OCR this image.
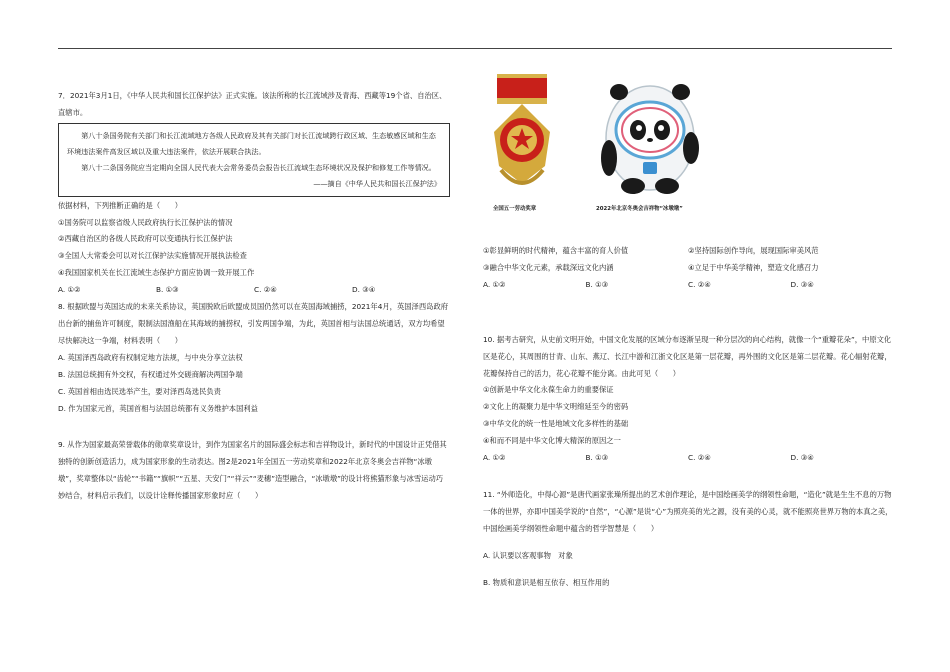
7．2021年3月1日，《中华人民共和国长江保护法》正式实施。该法所称的长江流域涉及青海、西藏等19个省、自治区、直辖市。

第八十条国务院有关部门和长江流域地方各级人民政府及其有关部门对长江流域跨行政区域、生态敏感区域和生态环境违法案件高发区域以及重大违法案件，依法开展联合执法。

第八十二条国务院应当定期向全国人民代表大会常务委员会报告长江流域生态环境状况及保护和修复工作等情况。

——摘自《中华人民共和国长江保护法》

依据材料，下列推断正确的是（　　）

①国务院可以监察省级人民政府执行长江保护法的情况

②西藏自治区的各级人民政府可以变通执行长江保护法

③全国人大常委会可以对长江保护法实施情况开展执法检查

④我国国家机关在长江流域生态保护方面应协调一致开展工作

A. ①②	B. ①③	C. ②④	D. ③④

8. 根据欧盟与英国达成的未来关系协议，英国脱欧后欧盟成员国仍然可以在英国海域捕捞，2021年4月，英国泽西岛政府出台新的捕鱼许可制度，限制法国渔船在其海域的捕捞权，引发两国争端，为此，英国首相与法国总统通话，双方均希望尽快解决这一争端，材料表明（　　）

A. 英国泽西岛政府有权制定地方法规，与中央分享立法权

B. 法国总统拥有外交权，有权通过外交磋商解决两国争端

C. 英国首相由选民选举产生，要对泽西岛选民负责

D. 作为国家元首，英国首相与法国总统都有义务维护本国利益

9. 从作为国家最高荣誉载体的勋章奖章设计，到作为国家名片的国际盛会标志和吉祥物设计，新时代的中国设计正凭借其独特的创新创造活力，成为国家形象的生动表达。图2是2021年全国五一劳动奖章和2022年北京冬奥会吉祥物“冰墩墩”，奖章整体以“齿轮”“书籍”“旗帜”“五星、天安门”“祥云”“麦穗”造型融合，“冰墩墩”的设计将熊猫形象与冰雪运动巧妙结合，材料启示我们，以设计诠释传播国家形象时应（　　）

全国五一劳动奖章	2022年北京冬奥会吉祥物“冰墩墩”
①彰显鲜明的时代精神，蕴含丰富的育人价值	②坚持国际创作导向，展现国际审美风范
③融合中华文化元素，承载深远文化内涵	④立足于中华美学精神，塑造文化感召力
A. ①②	B. ①③	C. ②④	D. ③④

10. 据考古研究，从史前文明开始，中国文化发展的区域分布逐渐呈现一种分层次的向心结构，就像一个“重瓣花朵”，中原文化区是花心，其周围的甘青、山东、燕辽、长江中游和江浙文化区是第一层花瓣，再外围的文化区是第二层花瓣。花心辐射花瓣，花瓣保持自己的活力，花心花瓣不能分离。由此可见（　　）

①创新是中华文化永葆生命力的重要保证

②文化上的凝聚力是中华文明绵延至今的密码

③中华文化的统一性是地域文化多样性的基础

④和而不同是中华文化博大精深的原因之一

A. ①②	B. ①③	C. ②④	D. ③④

11. “外师造化，中得心源”是唐代画家张璪所提出的艺术创作理论，是中国绘画美学的纲领性命题，“造化”就是生生不息的万物一体的世界，亦即中国美学说的“自然”，“心源”是说“心”为照亮美的光之源，没有美的心灵，就不能照亮世界万物的本真之美，中国绘画美学纲领性命题中蕴含的哲学智慧是（　　）

A. 认识要以客观事物　对象

B. 物质和意识是相互依存、相互作用的
